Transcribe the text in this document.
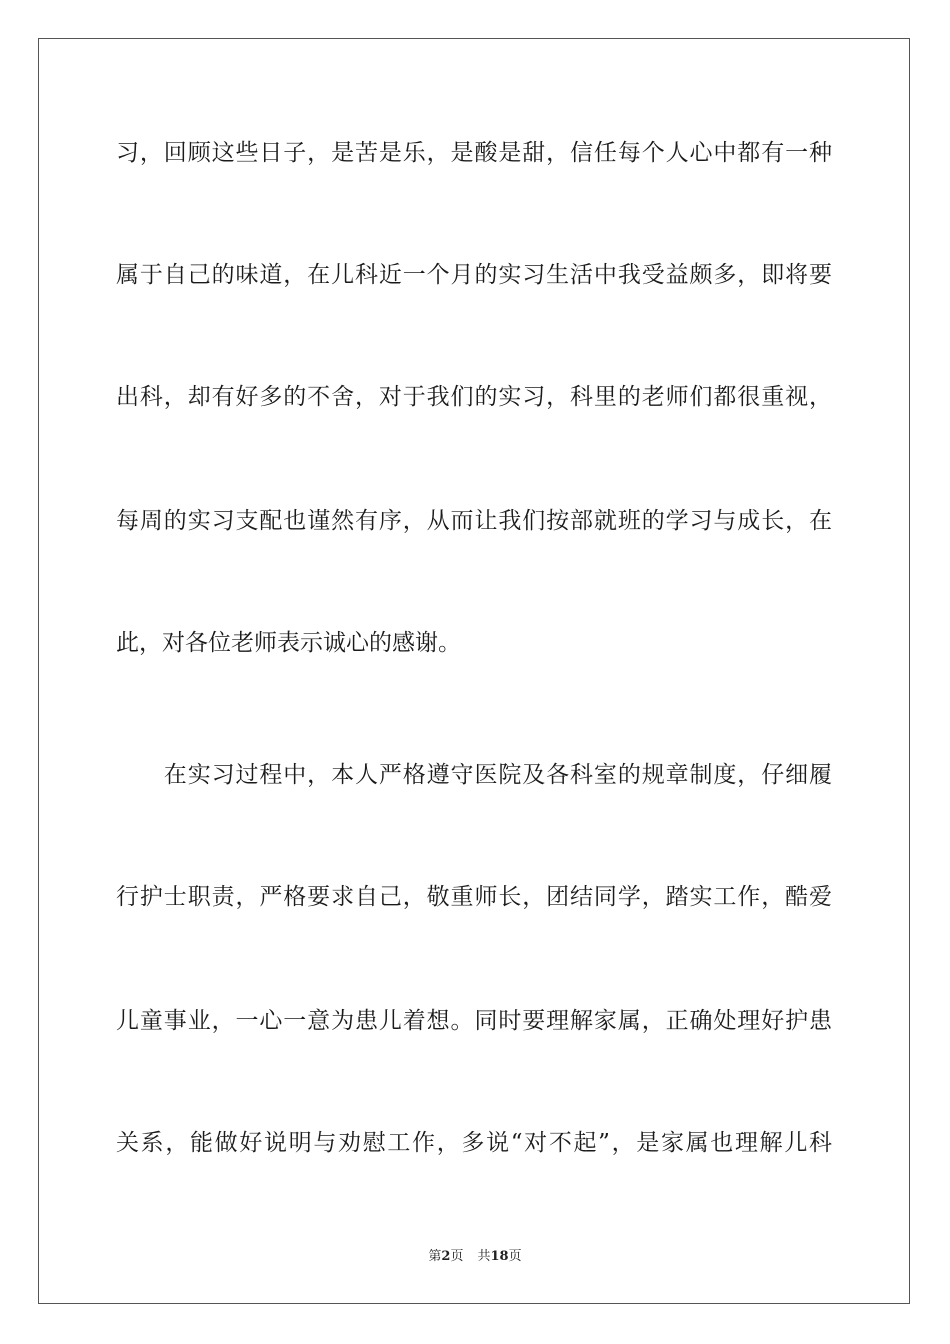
习，回顾这些日子，是苦是乐，是酸是甜，信任每个人心中都有一种
属于自己的味道，在儿科近一个月的实习生活中我受益颇多，即将要
出科，却有好多的不舍，对于我们的实习，科里的老师们都很重视，
每周的实习支配也谨然有序，从而让我们按部就班的学习与成长，在
此，对各位老师表示诚心的感谢。
　　在实习过程中，本人严格遵守医院及各科室的规章制度，仔细履
行护士职责，严格要求自己，敬重师长，团结同学，踏实工作，酷爱
儿童事业，一心一意为患儿着想。同时要理解家属，正确处理好护患
关系，能做好说明与劝慰工作，多说“对不起”，是家属也理解儿科
第2页 共18页
